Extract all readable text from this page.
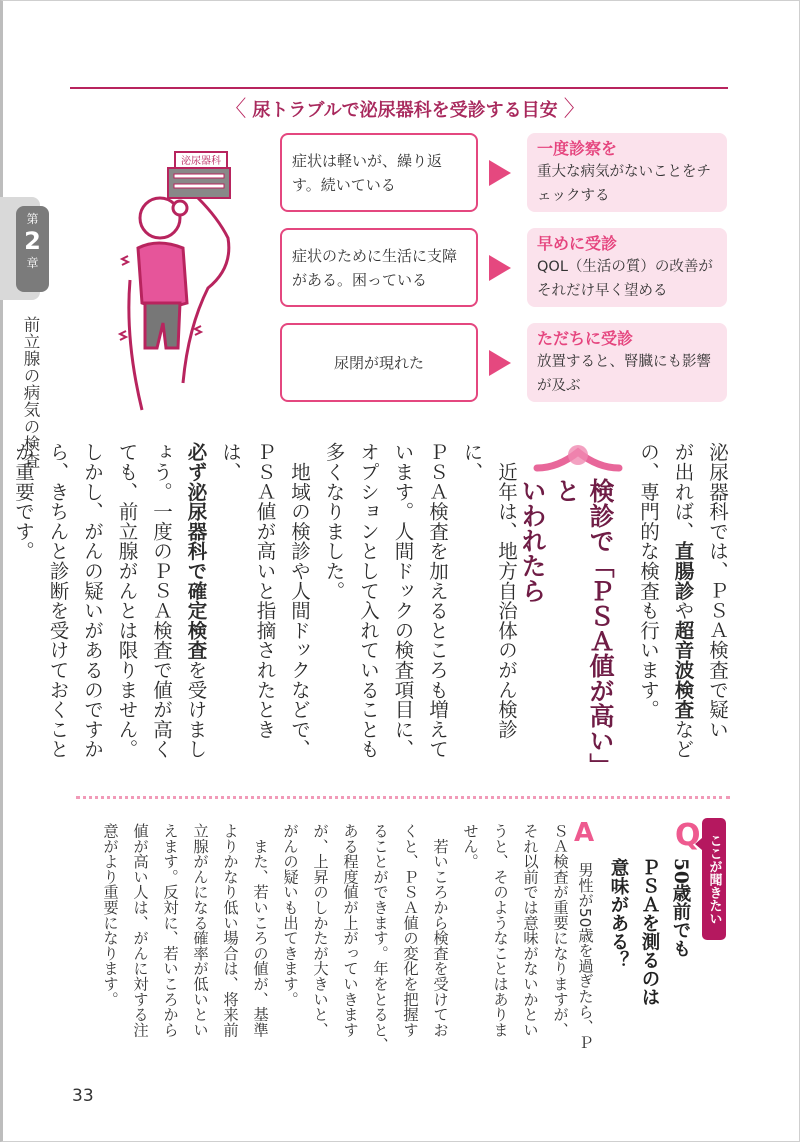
第
2
章
前立腺の病気の検査
〈 尿トラブルで泌尿器科を受診する目安 〉
泌尿器科	症状は軽いが、繰り返す。続いている
一度診察を
重大な病気がないことをチェックする
症状のために生活に支障がある。困っている
早めに受診
QOL（生活の質）の改善がそれだけ早く望める
尿閉が現れた
ただちに受診
放置すると、腎臓にも影響が及ぶ

泌尿器科では、ＰＳＡ検査で疑い

が出れば、直腸診や超音波検査など

の、専門的な検査も行います。

検診で「ＰＳＡ値が高い」と

いわれたら

　近年は、地方自治体のがん検診に、

ＰＳＡ検査を加えるところも増えて

います。人間ドックの検査項目に、

オプションとして入れていることも

多くなりました。

　地域の検診や人間ドックなどで、

ＰＳＡ値が高いと指摘されたときは、

必ず泌尿器科で確定検査を受けまし

ょう。一度のＰＳＡ検査で値が高く

ても、前立腺がんとは限りません。

しかし、がんの疑いがあるのですか

ら、きちんと診断を受けておくこと

が重要です。

ここが聞きたい
Q

50歳前でも

ＰＳＡを測るのは

意味がある？

A
男性が50歳を過ぎたら、Ｐ

ＳＡ検査が重要になりますが、

それ以前では意味がないかとい

うと、そのようなことはありま

せん。

　若いころから検査を受けてお

くと、ＰＳＡ値の変化を把握す

ることができます。年をとると、

ある程度値が上がっていきます

が、上昇のしかたが大きいと、

がんの疑いも出てきます。

　また、若いころの値が、基準

よりかなり低い場合は、将来前

立腺がんになる確率が低いとい

えます。反対に、若いころから

値が高い人は、がんに対する注

意がより重要になります。

33
